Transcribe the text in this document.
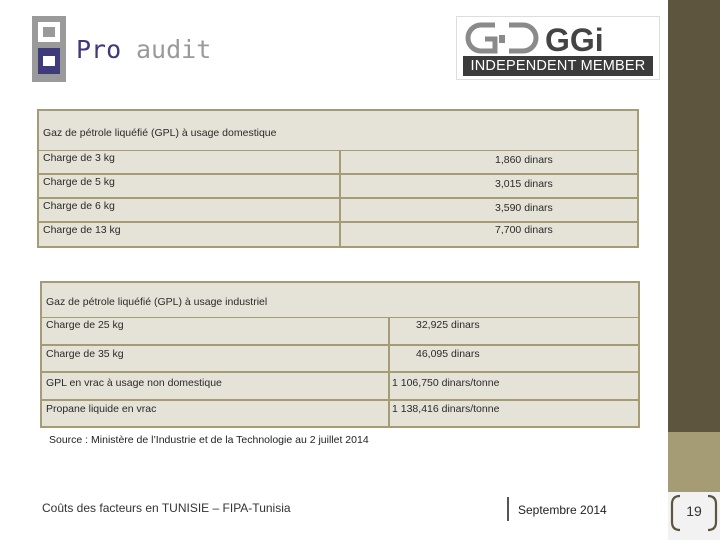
Pro audit	GGi
INDEPENDENT MEMBER
Gaz de pétrole liquéfié (GPL) à usage domestique
Charge de 3 kg	1,860 dinars
Charge de 5 kg	3,015 dinars
Charge de 6 kg	3,590 dinars
Charge de 13 kg	7,700 dinars
Gaz de pétrole liquéfié (GPL) à usage industriel
Charge de 25 kg	32,925 dinars
Charge de 35 kg	46,095 dinars
GPL en vrac à usage non domestique	1 106,750 dinars/tonne
Propane liquide en vrac	1 138,416 dinars/tonne
Source : Ministère de l’Industrie et de la Technologie au 2 juillet 2014
Coûts des facteurs en TUNISIE – FIPA-Tunisia	Septembre 2014	19
